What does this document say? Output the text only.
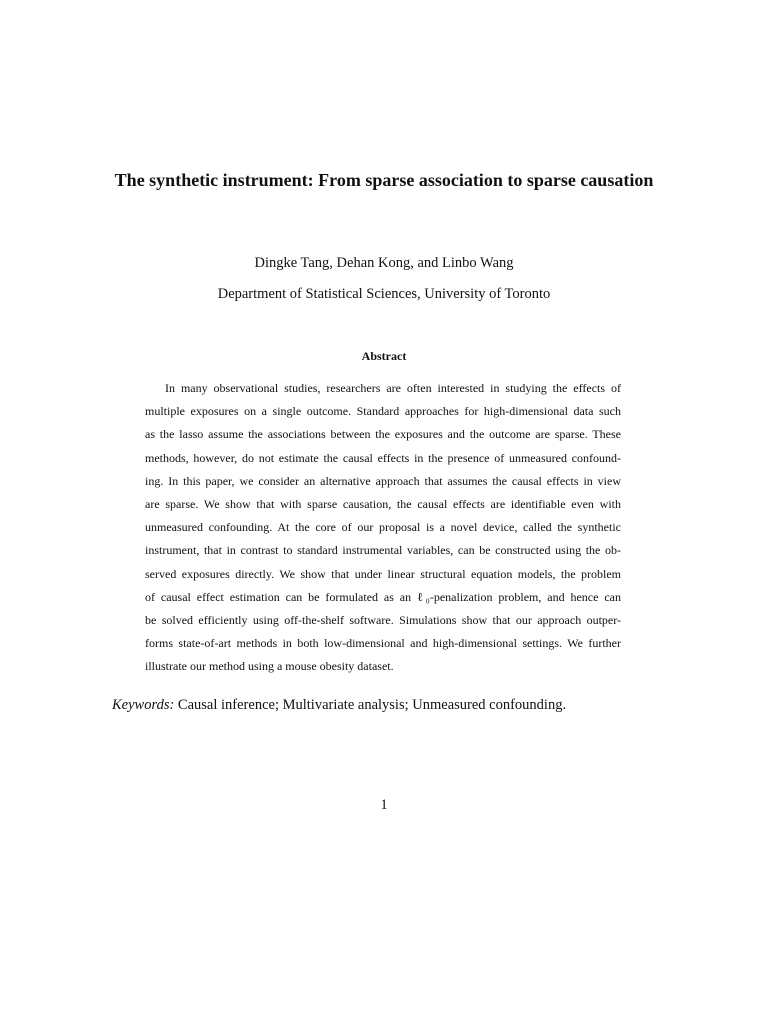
The synthetic instrument: From sparse association to sparse causation

Dingke Tang, Dehan Kong, and Linbo Wang

Department of Statistical Sciences, University of Toronto

Abstract
In many observational studies, researchers are often interested in studying the effects of
multiple exposures on a single outcome. Standard approaches for high-dimensional data such
as the lasso assume the associations between the exposures and the outcome are sparse. These
methods, however, do not estimate the causal effects in the presence of unmeasured confound-
ing. In this paper, we consider an alternative approach that assumes the causal effects in view
are sparse. We show that with sparse causation, the causal effects are identifiable even with
unmeasured confounding. At the core of our proposal is a novel device, called the synthetic
instrument, that in contrast to standard instrumental variables, can be constructed using the ob-
served exposures directly. We show that under linear structural equation models, the problem
of causal effect estimation can be formulated as an ℓ₀-penalization problem, and hence can
be solved efficiently using off-the-shelf software. Simulations show that our approach outper-
forms state-of-art methods in both low-dimensional and high-dimensional settings. We further
illustrate our method using a mouse obesity dataset.

Keywords: Causal inference; Multivariate analysis; Unmeasured confounding.

1
